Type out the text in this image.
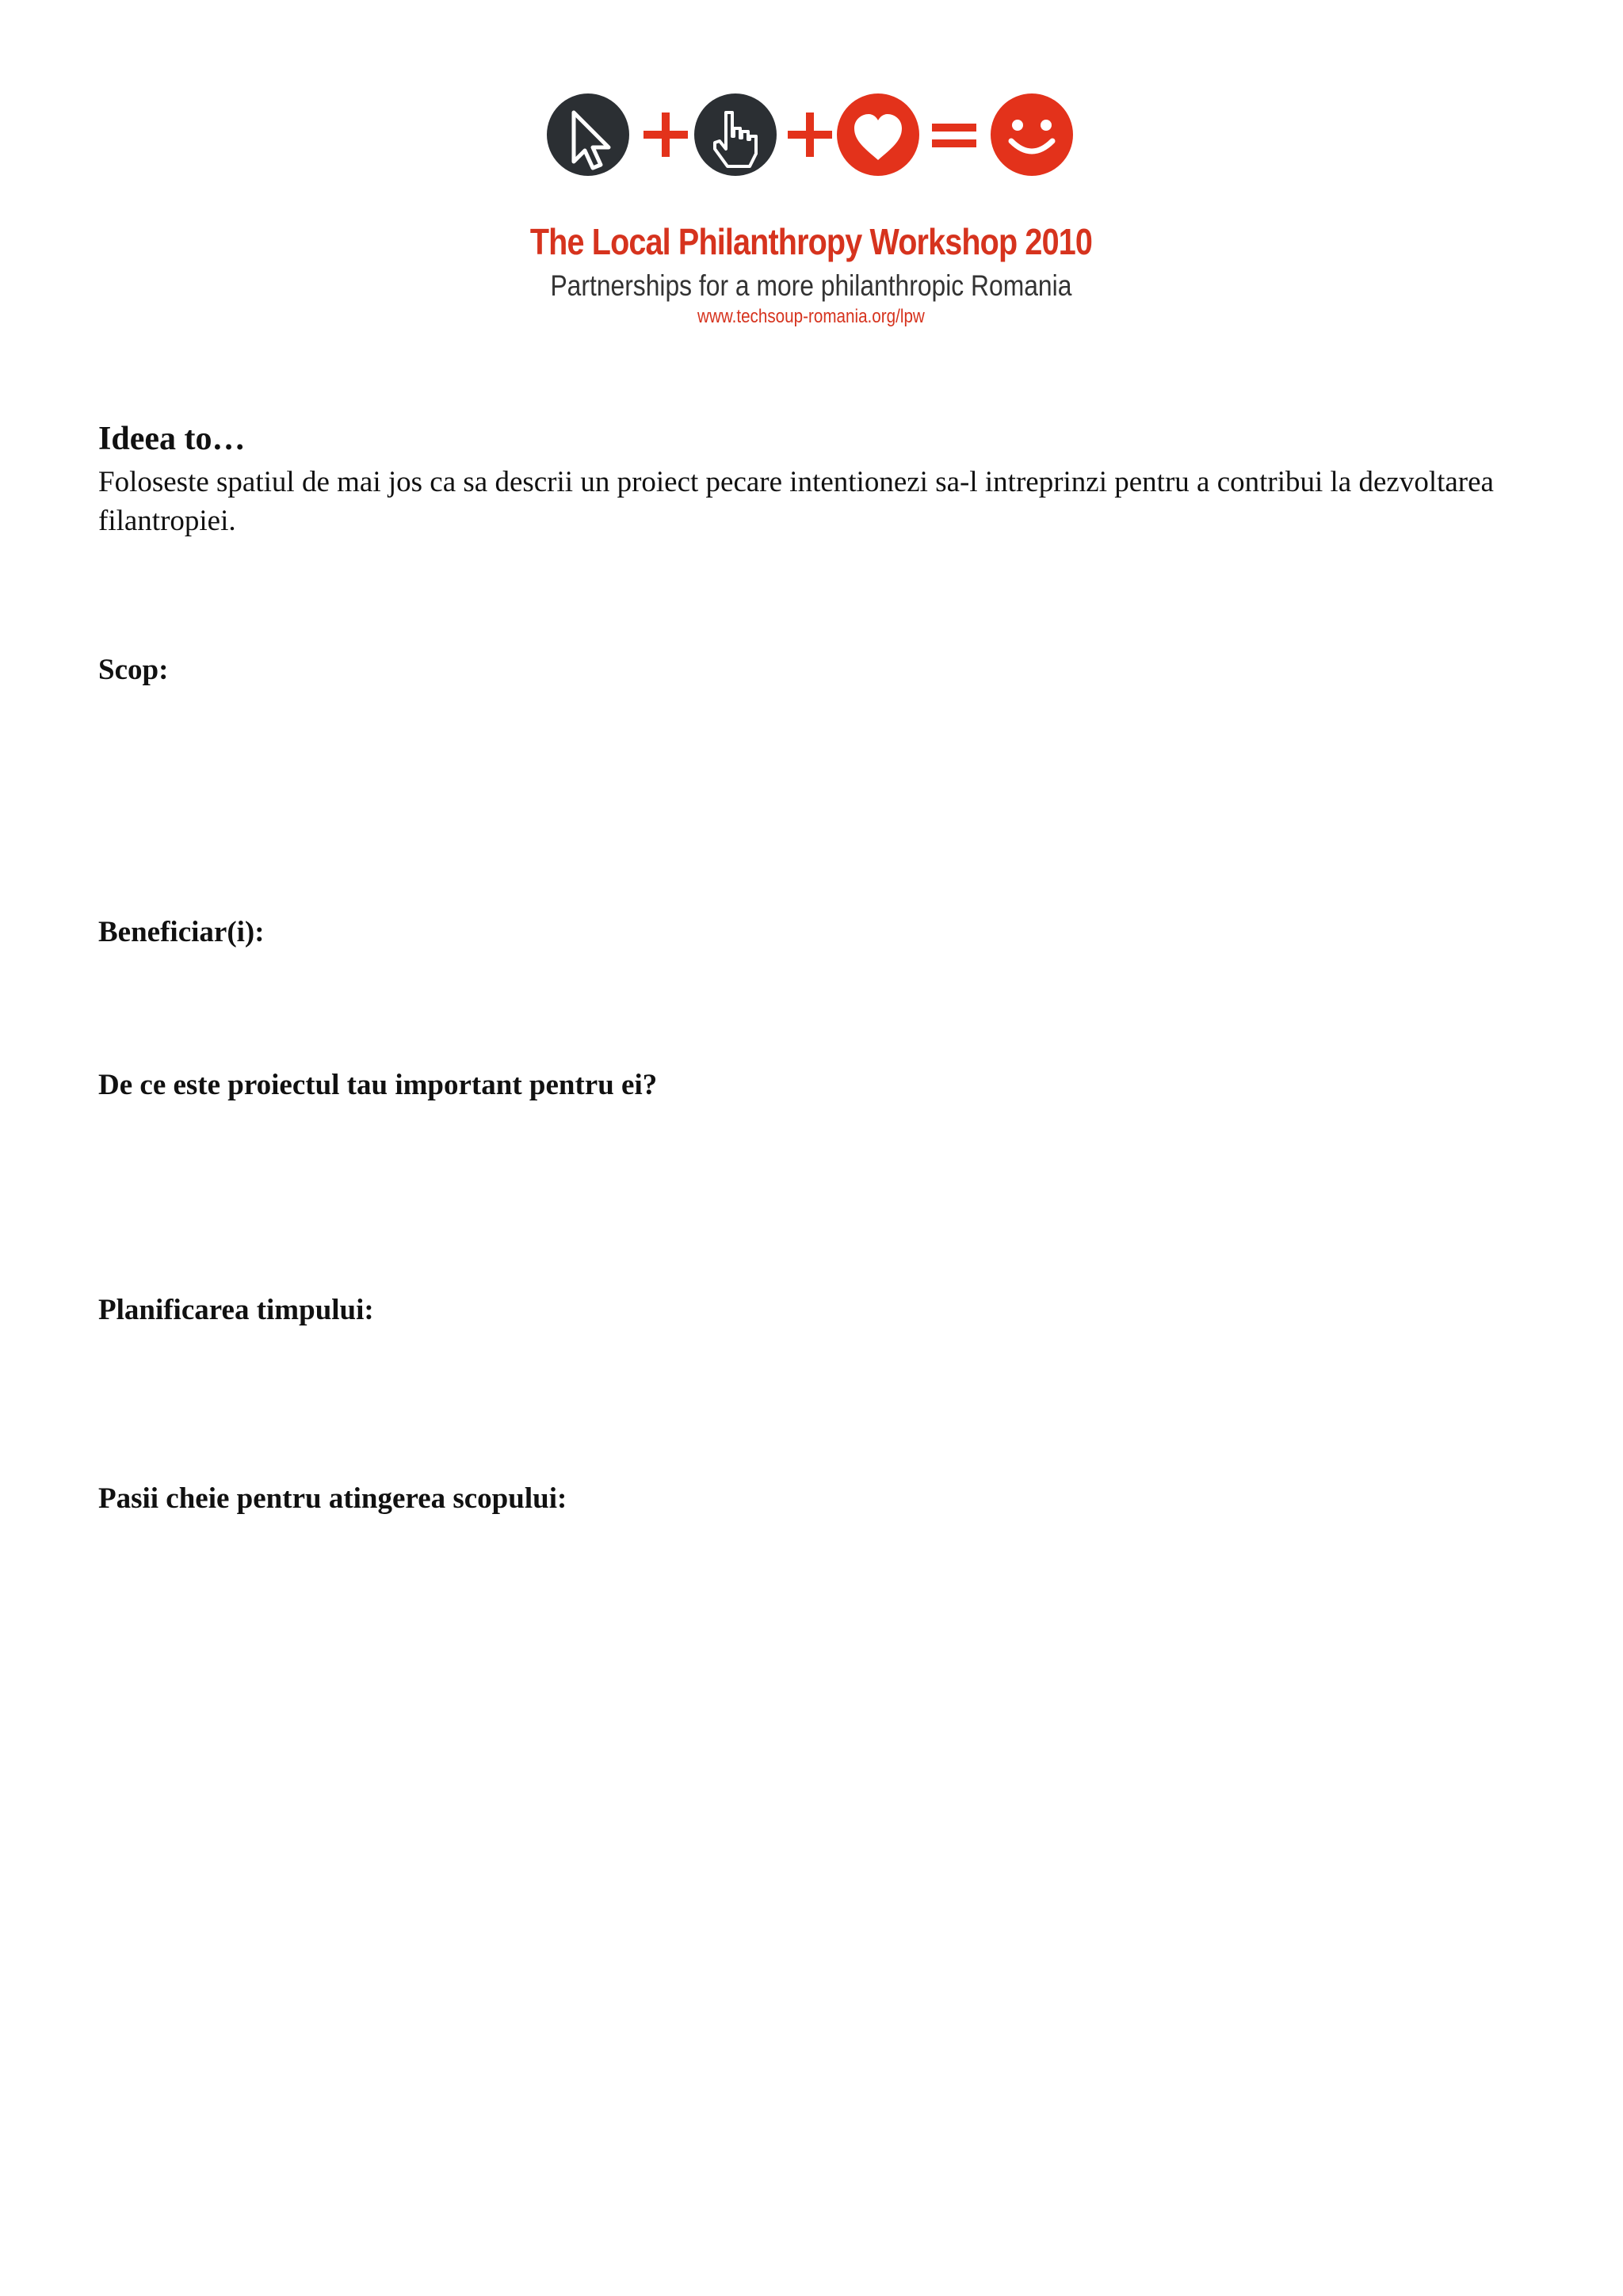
The Local Philanthropy Workshop 2010
Partnerships for a more philanthropic Romania
www.techsoup-romania.org/lpw
Ideea to…

Foloseste spatiul de mai jos ca sa descrii un proiect pecare intentionezi sa-l intreprinzi pentru a contribui la dezvoltarea filantropiei.

Scop:
Beneficiar(i):
De ce este proiectul tau important pentru ei?
Planificarea timpului:
Pasii cheie pentru atingerea scopului:
